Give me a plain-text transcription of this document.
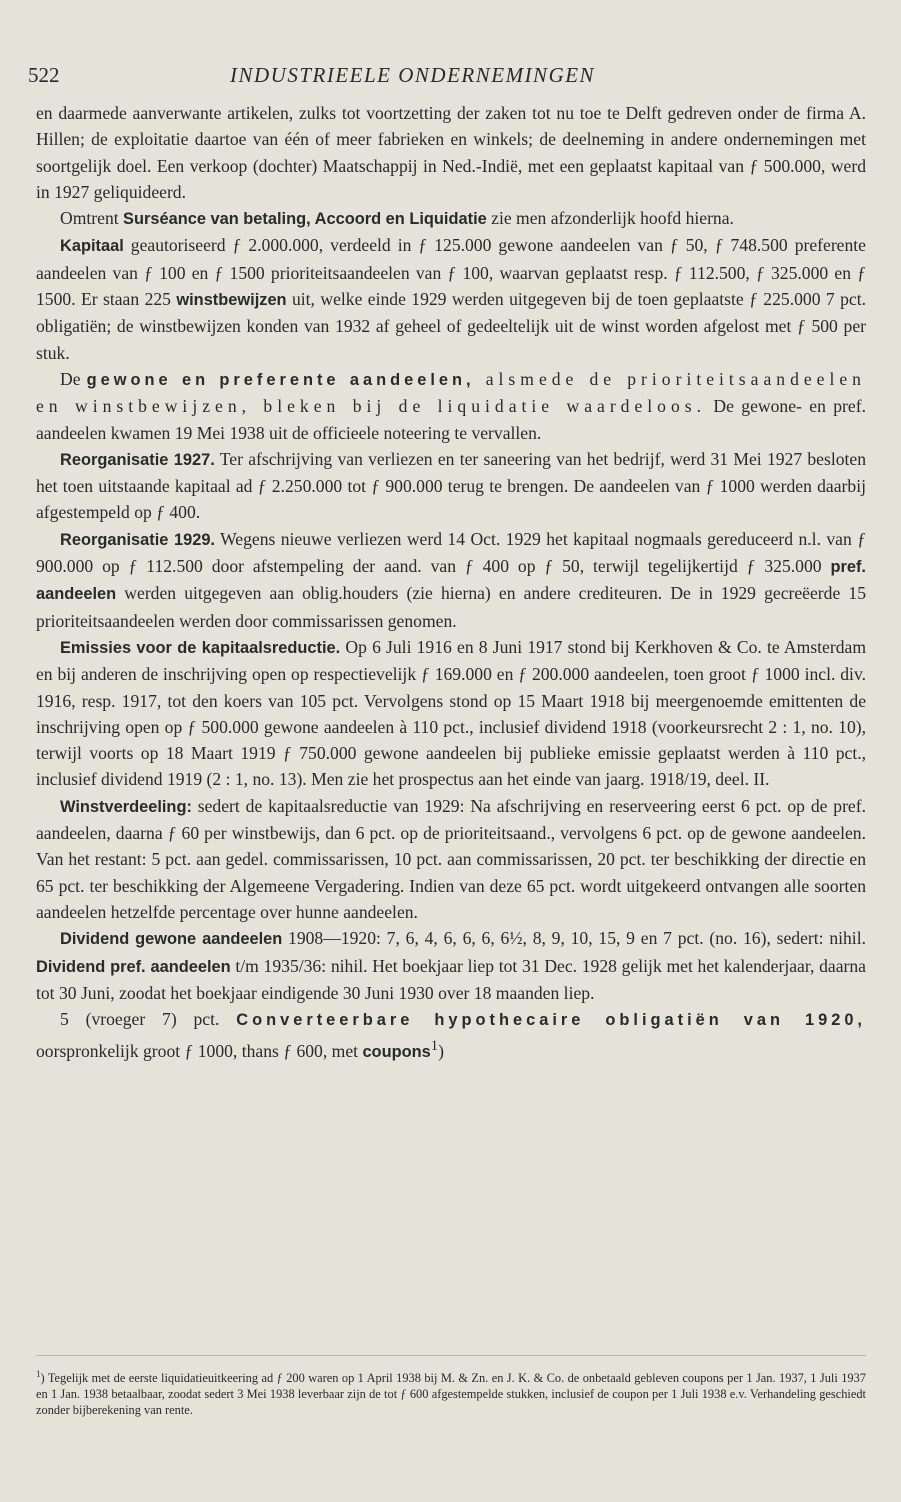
522	INDUSTRIEELE ONDERNEMINGEN

en daarmede aanverwante artikelen, zulks tot voortzetting der zaken tot nu toe te Delft gedreven onder de firma A. Hillen; de exploitatie daartoe van één of meer fabrieken en winkels; de deelneming in andere ondernemingen met soortgelijk doel. Een verkoop (dochter) Maatschappij in Ned.-Indië, met een geplaatst kapitaal van ƒ 500.000, werd in 1927 geliquideerd.

Omtrent Surséance van betaling, Accoord en Liquidatie zie men afzonderlijk hoofd hierna.

Kapitaal geautoriseerd ƒ 2.000.000, verdeeld in ƒ 125.000 gewone aandeelen van ƒ 50, ƒ 748.500 preferente aandeelen van ƒ 100 en ƒ 1500 prioriteitsaandeelen van ƒ 100, waarvan geplaatst resp. ƒ 112.500, ƒ 325.000 en ƒ 1500. Er staan 225 winstbewijzen uit, welke einde 1929 werden uitgegeven bij de toen geplaatste ƒ 225.000 7 pct. obligatiën; de winstbewijzen konden van 1932 af geheel of gedeeltelijk uit de winst worden afgelost met ƒ 500 per stuk.

De gewone en preferente aandeelen, alsmede de prioriteitsaandeelen en winstbewijzen, bleken bij de liquidatie waardeloos. De gewone- en pref. aandeelen kwamen 19 Mei 1938 uit de officieele noteering te vervallen.

Reorganisatie 1927. Ter afschrijving van verliezen en ter saneering van het bedrijf, werd 31 Mei 1927 besloten het toen uitstaande kapitaal ad ƒ 2.250.000 tot ƒ 900.000 terug te brengen. De aandeelen van ƒ 1000 werden daarbij afgestempeld op ƒ 400.

Reorganisatie 1929. Wegens nieuwe verliezen werd 14 Oct. 1929 het kapitaal nogmaals gereduceerd n.l. van ƒ 900.000 op ƒ 112.500 door afstempeling der aand. van ƒ 400 op ƒ 50, terwijl tegelijkertijd ƒ 325.000 pref. aandeelen werden uitgegeven aan oblig.houders (zie hierna) en andere crediteuren. De in 1929 gecreëerde 15 prioriteitsaandeelen werden door commissarissen genomen.

Emissies voor de kapitaalsreductie. Op 6 Juli 1916 en 8 Juni 1917 stond bij Kerkhoven & Co. te Amsterdam en bij anderen de inschrijving open op respectievelijk ƒ 169.000 en ƒ 200.000 aandeelen, toen groot ƒ 1000 incl. div. 1916, resp. 1917, tot den koers van 105 pct. Vervolgens stond op 15 Maart 1918 bij meergenoemde emittenten de inschrijving open op ƒ 500.000 gewone aandeelen à 110 pct., inclusief dividend 1918 (voorkeursrecht 2 : 1, no. 10), terwijl voorts op 18 Maart 1919 ƒ 750.000 gewone aandeelen bij publieke emissie geplaatst werden à 110 pct., inclusief dividend 1919 (2 : 1, no. 13). Men zie het prospectus aan het einde van jaarg. 1918/19, deel. II.

Winstverdeeling: sedert de kapitaalsreductie van 1929: Na afschrijving en reserveering eerst 6 pct. op de pref. aandeelen, daarna ƒ 60 per winstbewijs, dan 6 pct. op de prioriteitsaand., vervolgens 6 pct. op de gewone aandeelen. Van het restant: 5 pct. aan gedel. commissarissen, 10 pct. aan commissarissen, 20 pct. ter beschikking der directie en 65 pct. ter beschikking der Algemeene Vergadering. Indien van deze 65 pct. wordt uitgekeerd ontvangen alle soorten aandeelen hetzelfde percentage over hunne aandeelen.

Dividend gewone aandeelen 1908—1920: 7, 6, 4, 6, 6, 6, 6½, 8, 9, 10, 15, 9 en 7 pct. (no. 16), sedert: nihil. Dividend pref. aandeelen t/m 1935/36: nihil. Het boekjaar liep tot 31 Dec. 1928 gelijk met het kalenderjaar, daarna tot 30 Juni, zoodat het boekjaar eindigende 30 Juni 1930 over 18 maanden liep.

5 (vroeger 7) pct. Converteerbare hypothecaire obligatiën van 1920, oorspronkelijk groot ƒ 1000, thans ƒ 600, met coupons$^1$)

$^1$) Tegelijk met de eerste liquidatieuitkeering ad ƒ 200 waren op 1 April 1938 bij M. & Zn. en J. K. & Co. de onbetaald gebleven coupons per 1 Jan. 1937, 1 Juli 1937 en 1 Jan. 1938 betaalbaar, zoodat sedert 3 Mei 1938 leverbaar zijn de tot ƒ 600 afgestempelde stukken, inclusief de coupon per 1 Juli 1938 e.v. Verhandeling geschiedt zonder bijberekening van rente.
